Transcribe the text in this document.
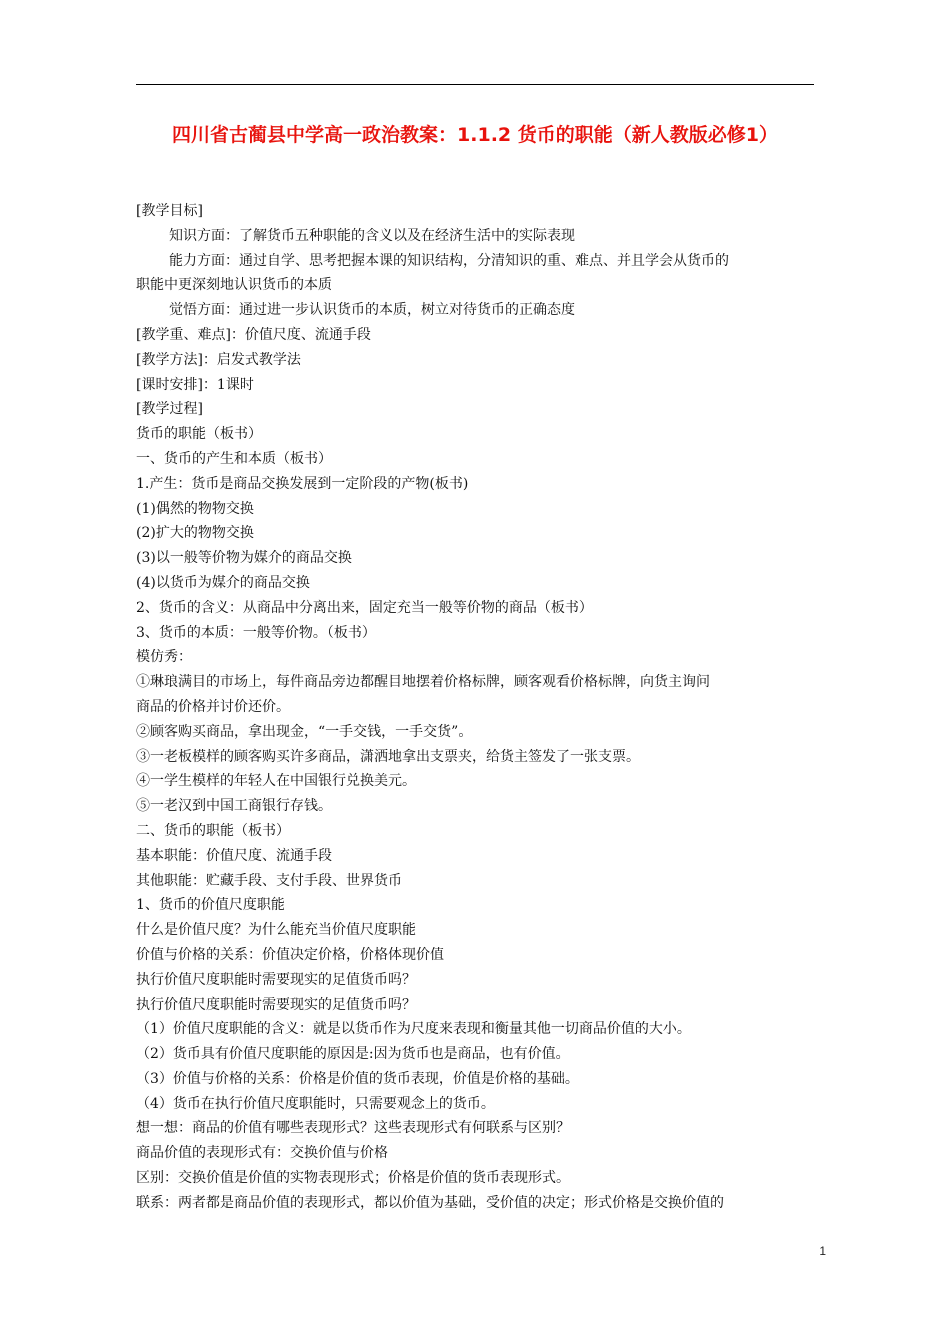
四川省古蔺县中学高一政治教案：1.1.2 货币的职能（新人教版必修1）
[教学目标]
知识方面：了解货币五种职能的含义以及在经济生活中的实际表现
能力方面：通过自学、思考把握本课的知识结构，分清知识的重、难点、并且学会从货币的
职能中更深刻地认识货币的本质
觉悟方面：通过进一步认识货币的本质，树立对待货币的正确态度
[教学重、难点]：价值尺度、流通手段
[教学方法]：启发式教学法
[课时安排]：1课时
[教学过程]
货币的职能（板书）
一、货币的产生和本质（板书）
1.产生：货币是商品交换发展到一定阶段的产物(板书)
(1)偶然的物物交换
(2)扩大的物物交换
(3)以一般等价物为媒介的商品交换
(4)以货币为媒介的商品交换
2、货币的含义：从商品中分离出来，固定充当一般等价物的商品（板书）
3、货币的本质：一般等价物。（板书）
模仿秀：
①琳琅满目的市场上，每件商品旁边都醒目地摆着价格标牌，顾客观看价格标牌，向货主询问
商品的价格并讨价还价。
②顾客购买商品，拿出现金，“一手交钱，一手交货”。
③一老板模样的顾客购买许多商品，潇洒地拿出支票夹，给货主签发了一张支票。
④一学生模样的年轻人在中国银行兑换美元。
⑤一老汉到中国工商银行存钱。
二、货币的职能（板书）
基本职能：价值尺度、流通手段
其他职能：贮藏手段、支付手段、世界货币
1、货币的价值尺度职能
什么是价值尺度？为什么能充当价值尺度职能
价值与价格的关系：价值决定价格，价格体现价值
执行价值尺度职能时需要现实的足值货币吗？
执行价值尺度职能时需要现实的足值货币吗？
（1）价值尺度职能的含义：就是以货币作为尺度来表现和衡量其他一切商品价值的大小。
（2）货币具有价值尺度职能的原因是:因为货币也是商品，也有价值。
（3）价值与价格的关系：价格是价值的货币表现，价值是价格的基础。
（4）货币在执行价值尺度职能时，只需要观念上的货币。
想一想：商品的价值有哪些表现形式？这些表现形式有何联系与区别？
商品价值的表现形式有：交换价值与价格
区别：交换价值是价值的实物表现形式；价格是价值的货币表现形式。
联系：两者都是商品价值的表现形式，都以价值为基础，受价值的决定；形式价格是交换价值的
1
